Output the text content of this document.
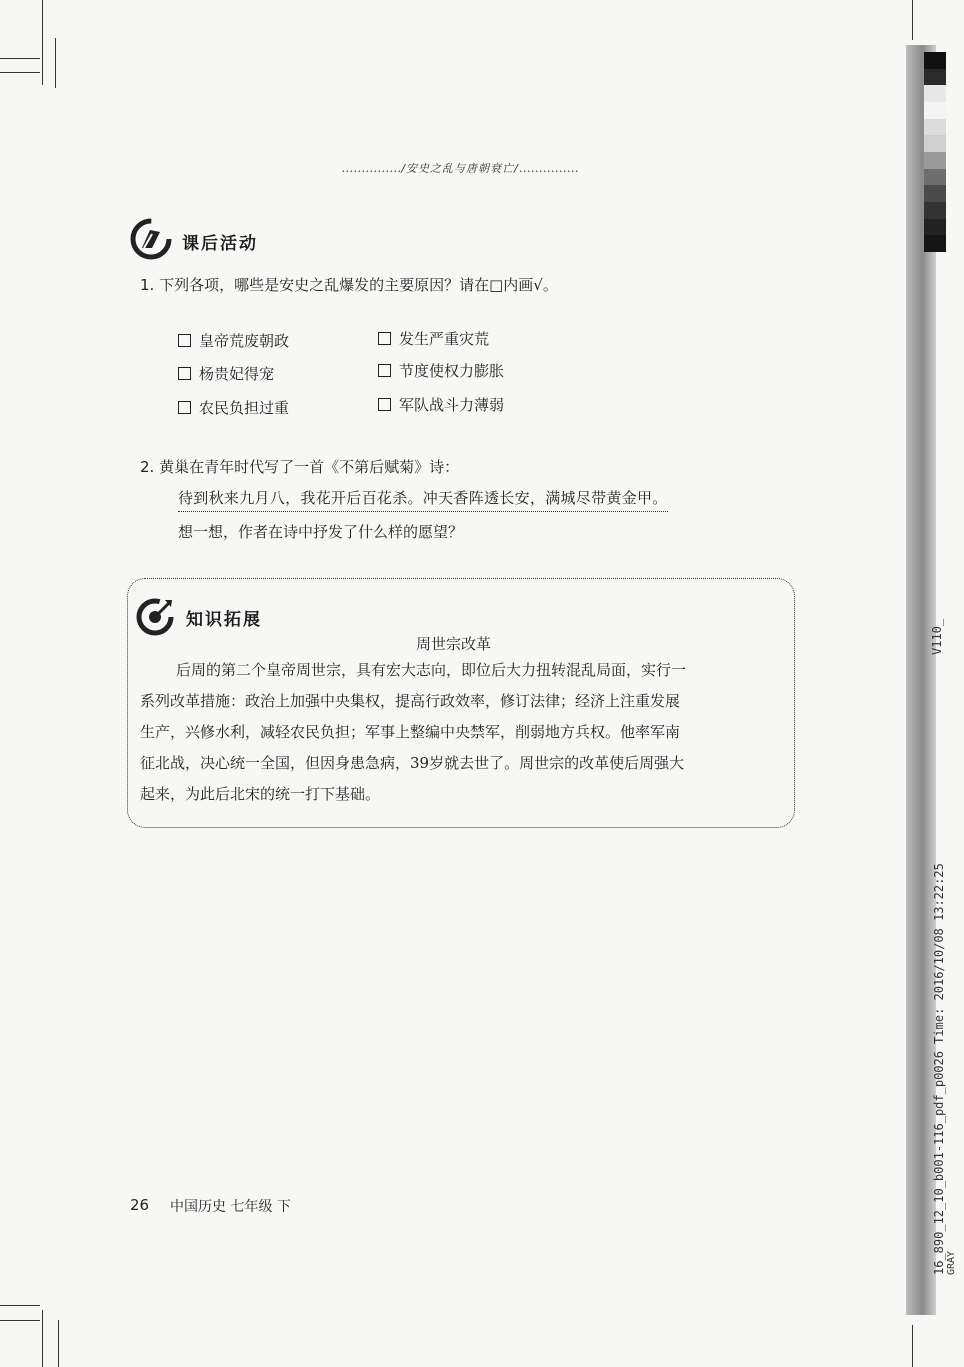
V110_
16_890_12_10_b001-116_pdf_p0026 Time: 2016/10/08 13:22:25 GRAY
……………/安史之乱与唐朝衰亡/……………
课后活动
1. 下列各项，哪些是安史之乱爆发的主要原因？请在□内画√。
皇帝荒废朝政	发生严重灾荒
杨贵妃得宠	节度使权力膨胀
农民负担过重	军队战斗力薄弱
2. 黄巢在青年时代写了一首《不第后赋菊》诗：
待到秋来九月八，我花开后百花杀。冲天香阵透长安，满城尽带黄金甲。
想一想，作者在诗中抒发了什么样的愿望？
知识拓展
周世宗改革
后周的第二个皇帝周世宗，具有宏大志向，即位后大力扭转混乱局面，实行一
系列改革措施：政治上加强中央集权，提高行政效率，修订法律；经济上注重发展
生产，兴修水利，减轻农民负担；军事上整编中央禁军，削弱地方兵权。他率军南
征北战，决心统一全国，但因身患急病，39岁就去世了。周世宗的改革使后周强大
起来，为此后北宋的统一打下基础。
26 中国历史 七年级 下
